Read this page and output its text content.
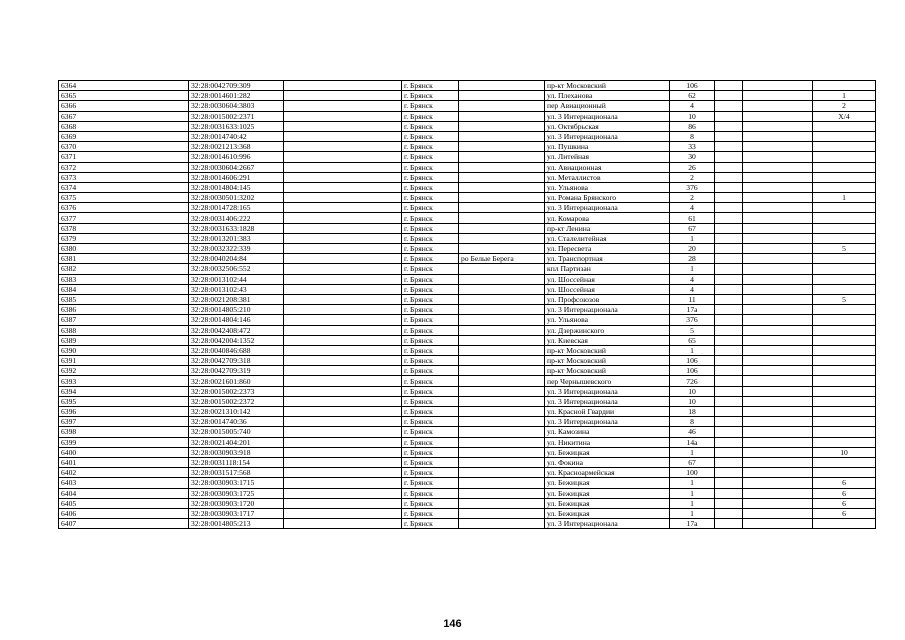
6364	32:28:0042709:309		г. Брянск		пр-кт Московский	106			
6365	32:28:0014601:282		г. Брянск		ул. Плеханова	62			1
6366	32:28:0030604:3803		г. Брянск		пер Авиационный	4			2
6367	32:28:0015002:2371		г. Брянск		ул. 3 Интернационала	10			Х/4
6368	32:28:0031633:1025		г. Брянск		ул. Октябрьская	86			
6369	32:28:0014740:42		г. Брянск		ул. 3 Интернационала	8			
6370	32:28:0021213:368		г. Брянск		ул. Пушкина	33			
6371	32:28:0014610:996		г. Брянск		ул. Литейная	30			
6372	32:28:0030604:2667		г. Брянск		ул. Авиационная	26			
6373	32:28:0014606:291		г. Брянск		ул. Металлистов	2			
6374	32:28:0014804:145		г. Брянск		ул. Ульянова	376			
6375	32:28:0030501:3202		г. Брянск		ул. Романа Брянского	2			1
6376	32:28:0014728:165		г. Брянск		ул. 3 Интернационала	4			
6377	32:28:0031406:222		г. Брянск		ул. Комарова	61			
6378	32:28:0031633:1828		г. Брянск		пр-кт Ленина	67			
6379	32:28:0013201:383		г. Брянск		ул. Сталелитейная	1			
6380	32:28:0032322:339		г. Брянск		ул. Пересвета	20			5
6381	32:28:0040204:84		г. Брянск	ро Белые Берега	ул. Транспортная	28			
6382	32:28:0032506:552		г. Брянск		кпл Партизан	1			
6383	32:28:0013102:44		г. Брянск		ул. Шоссейная	4			
6384	32:28:0013102:43		г. Брянск		ул. Шоссейная	4			
6385	32:28:0021208:381		г. Брянск		ул. Профсоюзов	11			5
6386	32:28:0014805:210		г. Брянск		ул. 3 Интернационала	17а			
6387	32:28:0014804:146		г. Брянск		ул. Ульянова	376			
6388	32:28:0042408:472		г. Брянск		ул. Дзержинского	5			
6389	32:28:0042004:1352		г. Брянск		ул. Киевская	65			
6390	32:28:0040846:688		г. Брянск		пр-кт Московский	1			
6391	32:28:0042709:318		г. Брянск		пр-кт Московский	106			
6392	32:28:0042709:319		г. Брянск		пр-кт Московский	106			
6393	32:28:0021601:860		г. Брянск		пер Чернышевского	726			
6394	32:28:0015002:2373		г. Брянск		ул. 3 Интернационала	10			
6395	32:28:0015002:2372		г. Брянск		ул. 3 Интернационала	10			
6396	32:28:0021310:142		г. Брянск		ул. Красной Гвардии	18			
6397	32:28:0014740:36		г. Брянск		ул. 3 Интернационала	8			
6398	32:28:0015005:740		г. Брянск		ул. Камозина	46			
6399	32:28:0021404:201		г. Брянск		ул. Никитина	14а			
6400	32:28:0030903:918		г. Брянск		ул. Бежицкая	1			10
6401	32:28:0031118:154		г. Брянск		ул. Фокина	67			
6402	32:28:0031517:568		г. Брянск		ул. Красноармейская	100			
6403	32:28:0030903:1715		г. Брянск		ул. Бежицкая	1			6
6404	32:28:0030903:1725		г. Брянск		ул. Бежицкая	1			6
6405	32:28:0030903:1720		г. Брянск		ул. Бежицкая	1			6
6406	32:28:0030903:1717		г. Брянск		ул. Бежицкая	1			6
6407	32:28:0014805:213		г. Брянск		ул. 3 Интернационала	17а			
146
